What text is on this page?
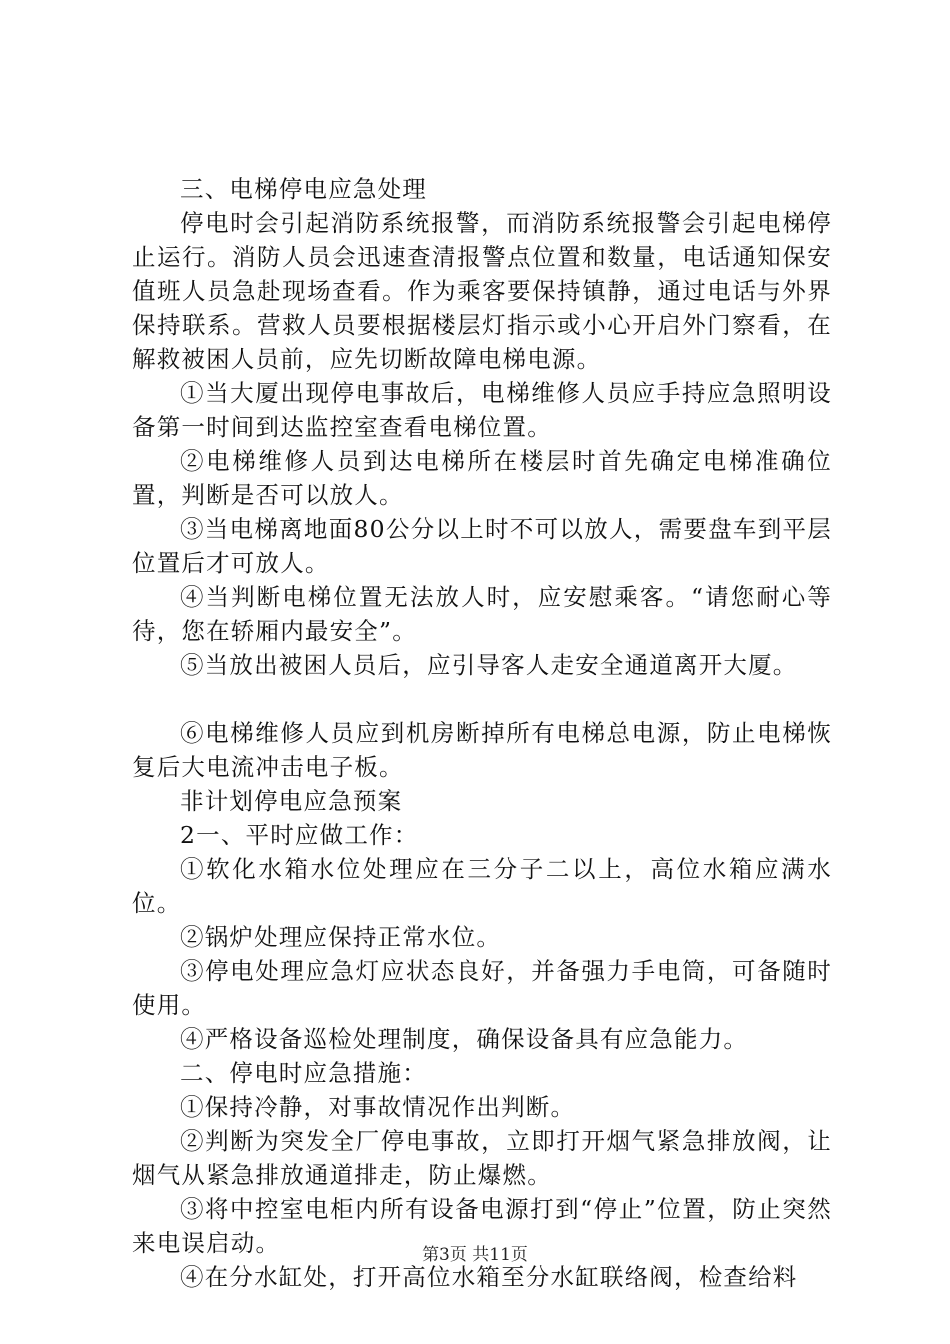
三、电梯停电应急处理

停电时会引起消防系统报警，而消防系统报警会引起电梯停止运行。消防人员会迅速查清报警点位置和数量，电话通知保安值班人员急赴现场查看。作为乘客要保持镇静，通过电话与外界保持联系。营救人员要根据楼层灯指示或小心开启外门察看，在解救被困人员前，应先切断故障电梯电源。

①当大厦出现停电事故后，电梯维修人员应手持应急照明设备第一时间到达监控室查看电梯位置。

②电梯维修人员到达电梯所在楼层时首先确定电梯准确位置，判断是否可以放人。

③当电梯离地面80公分以上时不可以放人，需要盘车到平层位置后才可放人。

④当判断电梯位置无法放人时，应安慰乘客。“请您耐心等待，您在轿厢内最安全”。

⑤当放出被困人员后，应引导客人走安全通道离开大厦。

⑥电梯维修人员应到机房断掉所有电梯总电源，防止电梯恢复后大电流冲击电子板。

非计划停电应急预案

2一、平时应做工作：

①软化水箱水位处理应在三分子二以上，高位水箱应满水位。

②锅炉处理应保持正常水位。

③停电处理应急灯应状态良好，并备强力手电筒，可备随时使用。

④严格设备巡检处理制度，确保设备具有应急能力。

二、停电时应急措施：

①保持冷静，对事故情况作出判断。

②判断为突发全厂停电事故，立即打开烟气紧急排放阀，让烟气从紧急排放通道排走，防止爆燃。

③将中控室电柜内所有设备电源打到“停止”位置，防止突然来电误启动。

④在分水缸处，打开高位水箱至分水缸联络阀，检查给料

第3页 共11页
